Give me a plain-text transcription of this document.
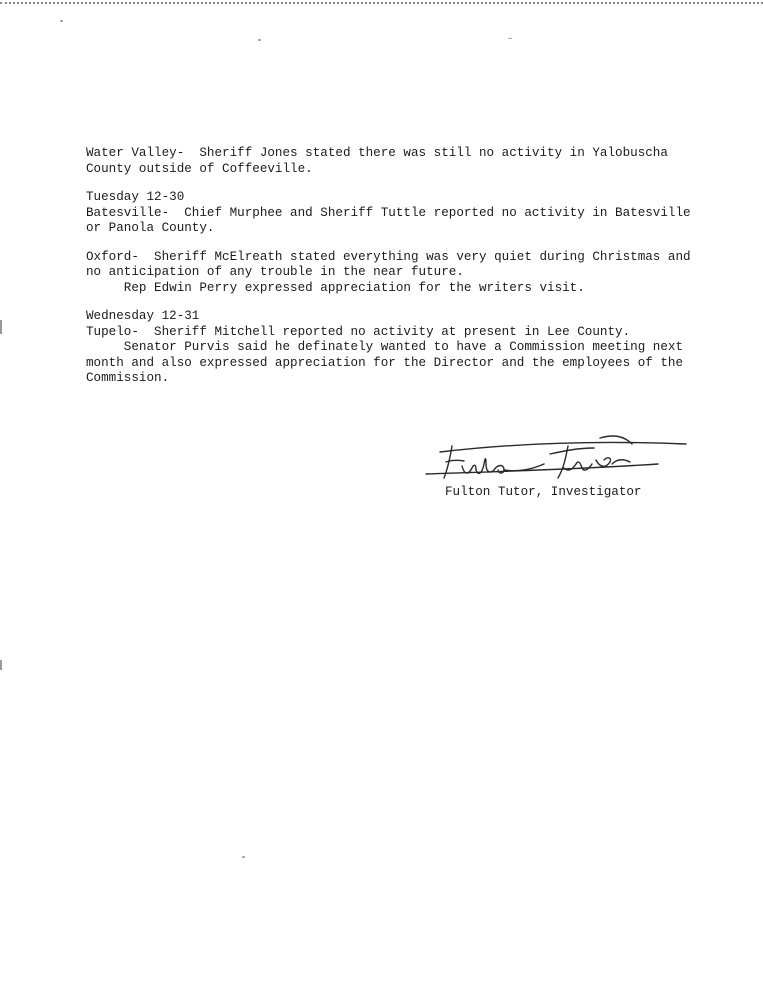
Water Valley-  Sheriff Jones stated there was still no activity in Yalobuscha

County outside of Coffeeville.

Tuesday 12-30

Batesville-  Chief Murphee and Sheriff Tuttle reported no activity in Batesville

or Panola County.

Oxford-  Sheriff McElreath stated everything was very quiet during Christmas and

no anticipation of any trouble in the near future.

Rep Edwin Perry expressed appreciation for the writers visit.

Wednesday 12-31

Tupelo-  Sheriff Mitchell reported no activity at present in Lee County.

Senator Purvis said he definately wanted to have a Commission meeting next

month and also expressed appreciation for the Director and the employees of the

Commission.

Fulton Tutor, Investigator
